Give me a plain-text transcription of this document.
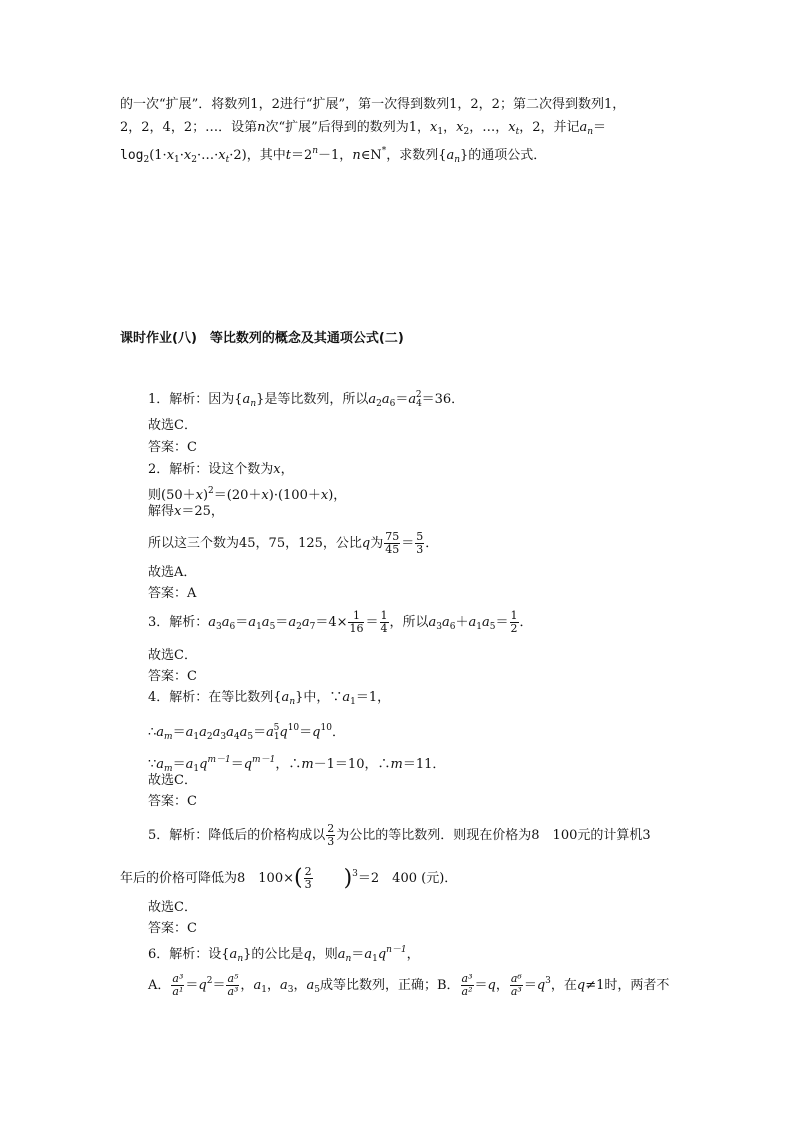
的一次“扩展”．将数列1，2进行“扩展”，第一次得到数列1，2，2；第二次得到数列1，
2，2，4，2；…．设第n次“扩展”后得到的数列为1，$x_1$，$x_2$，…，$x_t$，2，并记$a_n=$
$\log_2(1\cdot x_1\cdot x_2\cdot\dots\cdot x_t\cdot 2)$，其中$t=2^n-1$，n∈N*，求数列$\{a_n\}$的通项公式．
课时作业(八)　等比数列的概念及其通项公式(二)
1．解析：因为$\{a_n\}$是等比数列，所以$a_2a_6=a_4^2=36$．
故选C．
答案：C
2．解析：设这个数为x，
则$(50+x)^2=(20+x)\cdot(100+x)$，
解得x＝25，
所以这三个数为45，75，125，公比q为 $\frac{75}{45} = \frac{5}{3}$ ．
故选A．
答案：A
3．解析：$a_3a_6=a_1a_5=a_2a_7=4\times \frac{1}{16} = \frac{1}{4}$ ，所以$a_3a_6+a_1a_5= \frac{1}{2}$ ．
故选C．
答案：C
4．解析：在等比数列$\{a_n\}$中，$\because a_1=1$，
$\therefore a_m=a_1a_2a_3a_4a_5=a_1^5q^{10}=q^{10}$．
$\because a_m=a_1q^{m-1}=q^{m-1}$，∴m－1＝10，∴m＝11．
故选C．
答案：C
5．解析：降低后的价格构成以 $\frac{2}{3}$ 为公比的等比数列．则现在价格为8　100元的计算机3
年后的价格可降低为8　$100\times( \frac{2}{3} )^3=2$　400 (元)．
故选C．
答案：C
6．解析：设$\{a_n\}$的公比是q，则$a_n=a_1q^{n-1}$，
A． $\frac{\text{a³}}{\text{a¹}} =q^2= \frac{\text{a⁵}}{\text{a³}}$ ，$a_1$，$a_3$，$a_5$成等比数列，正确；B． $\frac{\text{a³}}{\text{a²}} =q$， $\frac{\text{a⁶}}{\text{a³}} =q^3$，在q≠1时，两者不
